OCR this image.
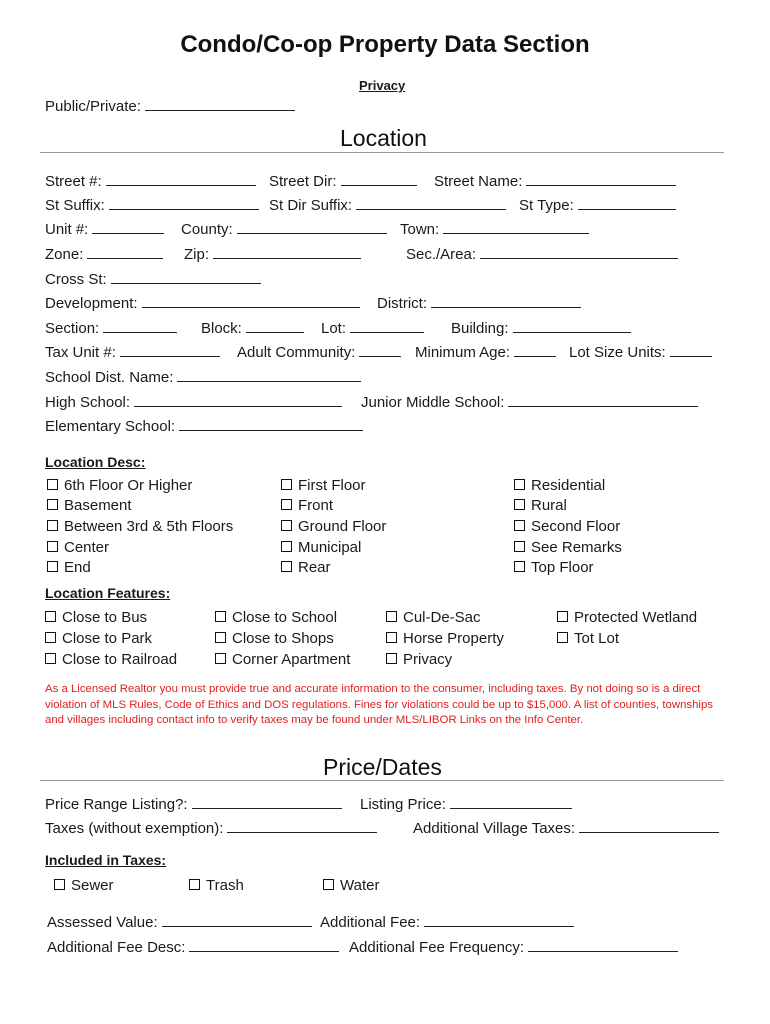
Condo/Co-op Property Data Section
Privacy
Public/Private:
Location
Street #:	Street Dir:	Street Name:
St Suffix:	St Dir Suffix:	St Type:
Unit #:	County:	Town:
Zone:	Zip:	Sec./Area:
Cross St:
Development:	District:
Section:	Block:	Lot:	Building:
Tax Unit #:	Adult Community:	Minimum Age:	Lot Size Units:
School Dist. Name:
High School:	Junior Middle School:
Elementary School:
Location Desc:
6th Floor Or Higher
Basement
Between 3rd & 5th Floors
Center
End
First Floor
Front
Ground Floor
Municipal
Rear
Residential
Rural
Second Floor
See Remarks
Top Floor
Location Features:
Close to Bus
Close to Park
Close to Railroad
Close to School
Close to Shops
Corner Apartment
Cul-De-Sac
Horse Property
Privacy
Protected Wetland
Tot Lot
As a Licensed Realtor you must provide true and accurate information to the consumer, including taxes. By not doing so is a direct violation of MLS Rules, Code of Ethics and DOS regulations. Fines for violations could be up to $15,000. A list of counties, townships and villages including contact info to verify taxes may be found under MLS/LIBOR Links on the Info Center.
Price/Dates
Price Range Listing?:	Listing Price:
Taxes (without exemption):	Additional Village Taxes:
Included in Taxes:
Sewer	Trash	Water
Assessed Value:	Additional Fee:
Additional Fee Desc:	Additional Fee Frequency:
